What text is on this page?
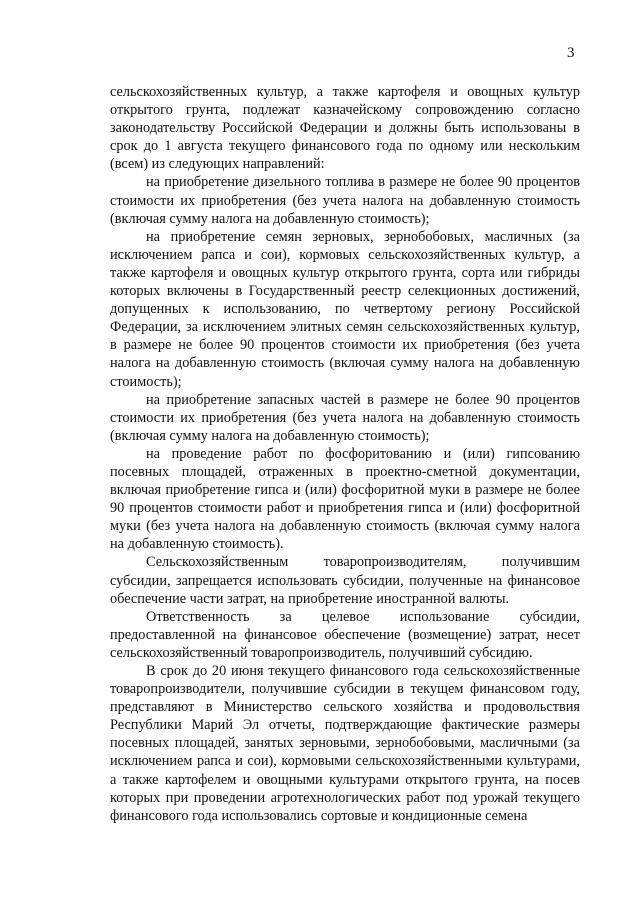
3

сельскохозяйственных культур, а также картофеля и овощных культур открытого грунта, подлежат казначейскому сопровождению согласно законодательству Российской Федерации и должны быть использованы в срок до 1 августа текущего финансового года по одному или нескольким (всем) из следующих направлений:

на приобретение дизельного топлива в размере не более 90 процентов стоимости их приобретения (без учета налога на добавленную стоимость (включая сумму налога на добавленную стоимость);

на приобретение семян зерновых, зернобобовых, масличных (за исключением рапса и сои), кормовых сельскохозяйственных культур, а также картофеля и овощных культур открытого грунта, сорта или гибриды которых включены в Государственный реестр селекционных достижений, допущенных к использованию, по четвертому региону Российской Федерации, за исключением элитных семян сельскохозяйственных культур, в размере не более 90 процентов стоимости их приобретения (без учета налога на добавленную стоимость (включая сумму налога на добавленную стоимость);

на приобретение запасных частей в размере не более 90 процентов стоимости их приобретения (без учета налога на добавленную стоимость (включая сумму налога на добавленную стоимость);

на проведение работ по фосфоритованию и (или) гипсованию посевных площадей, отраженных в проектно-сметной документации, включая приобретение гипса и (или) фосфоритной муки в размере не более 90 процентов стоимости работ и приобретения гипса и (или) фосфоритной муки (без учета налога на добавленную стоимость (включая сумму налога на добавленную стоимость).

Сельскохозяйственным товаропроизводителям, получившим субсидии, запрещается использовать субсидии, полученные на финансовое обеспечение части затрат, на приобретение иностранной валюты.

Ответственность за целевое использование субсидии, предоставленной на финансовое обеспечение (возмещение) затрат, несет сельскохозяйственный товаропроизводитель, получивший субсидию.

В срок до 20 июня текущего финансового года сельскохозяйственные товаропроизводители, получившие субсидии в текущем финансовом году, представляют в Министерство сельского хозяйства и продовольствия Республики Марий Эл отчеты, подтверждающие фактические размеры посевных площадей, занятых зерновыми, зернобобовыми, масличными (за исключением рапса и сои), кормовыми сельскохозяйственными культурами, а также картофелем и овощными культурами открытого грунта, на посев которых при проведении агротехнологических работ под урожай текущего финансового года использовались сортовые и кондиционные семена
